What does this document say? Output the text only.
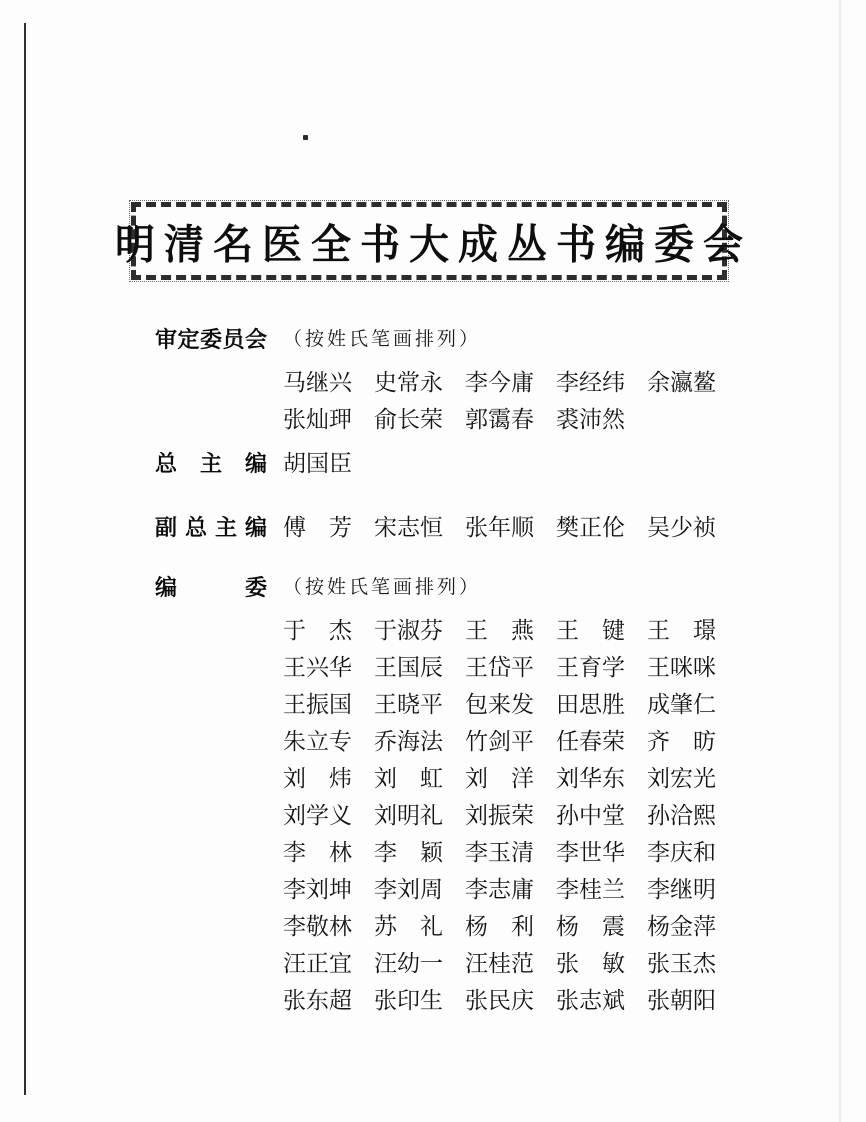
明清名医全书大成丛书编委会
审 定 委 员 会 （按姓氏笔画排列）
马 继 兴 史 常 永 李 今 庸 李 经 纬 余 瀛 鳌
张 灿 玾 俞 长 荣 郭 霭 春 裘 沛 然
总 主 编 胡 国 臣
副 总 主 编 傅 芳 宋 志 恒 张 年 顺 樊 正 伦 吴 少 祯
编	委 （按姓氏笔画排列）
于 杰 于 淑 芬 王 燕 王 键 王 璟
王 兴 华 王 国 辰 王 岱 平 王 育 学 王 咪 咪
王 振 国 王 晓 平 包 来 发 田 思 胜 成 肇 仁
朱 立 专 乔 海 法 竹 剑 平 任 春 荣 齐 昉
刘 炜 刘 虹 刘 洋 刘 华 东 刘 宏 光
刘 学 义 刘 明 礼 刘 振 荣 孙 中 堂 孙 洽 熙
李 林 李 颖 李 玉 清 李 世 华 李 庆 和
李 刘 坤 李 刘 周 李 志 庸 李 桂 兰 李 继 明
李 敬 林 苏 礼 杨 利 杨 震 杨 金 萍
汪 正 宜 汪 幼 一 汪 桂 范 张 敏 张 玉 杰
张 东 超 张 印 生 张 民 庆 张 志 斌 张 朝 阳
